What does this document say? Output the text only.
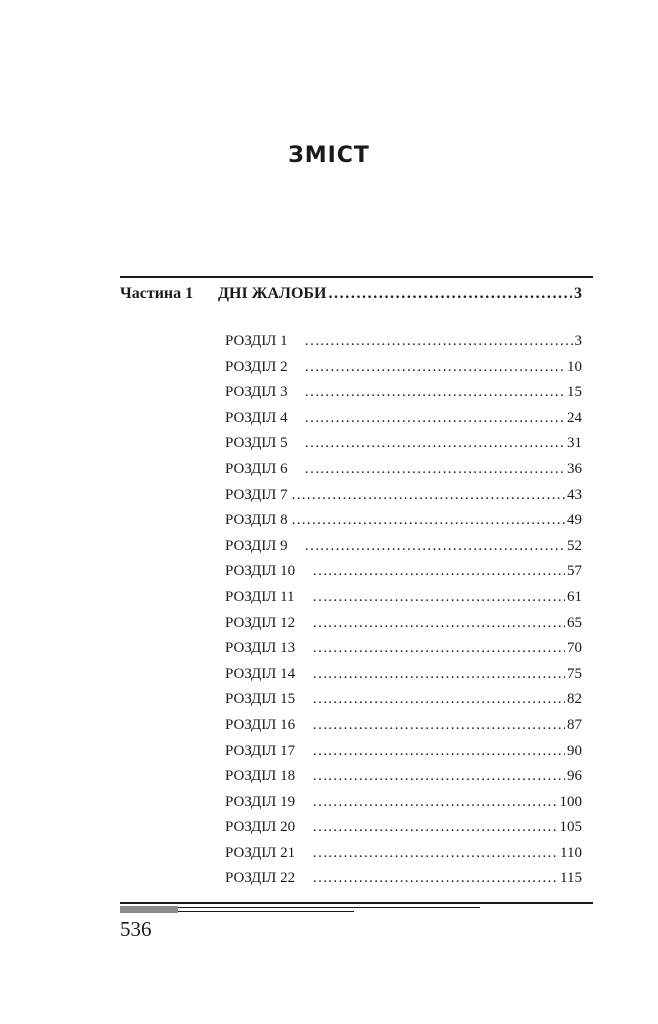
ЗМІСТ
Частина 1	ДНІ ЖАЛОБИ . . .	3
РОЗДІЛ 1 . . .	3
РОЗДІЛ 2 . . .	10
РОЗДІЛ 3 . . .	15
РОЗДІЛ 4 . . .	24
РОЗДІЛ 5 . . .	31
РОЗДІЛ 6 . . .	36
РОЗДІЛ 7 . . .	43
РОЗДІЛ 8 . . .	49
РОЗДІЛ 9 . . .	52
РОЗДІЛ 10 . . .	57
РОЗДІЛ 11 . . .	61
РОЗДІЛ 12 . . .	65
РОЗДІЛ 13 . . .	70
РОЗДІЛ 14 . . .	75
РОЗДІЛ 15 . . .	82
РОЗДІЛ 16 . . .	87
РОЗДІЛ 17 . . .	90
РОЗДІЛ 18 . . .	96
РОЗДІЛ 19 . . .	100
РОЗДІЛ 20 . . .	105
РОЗДІЛ 21 . . .	110
РОЗДІЛ 22 . . .	115
536
